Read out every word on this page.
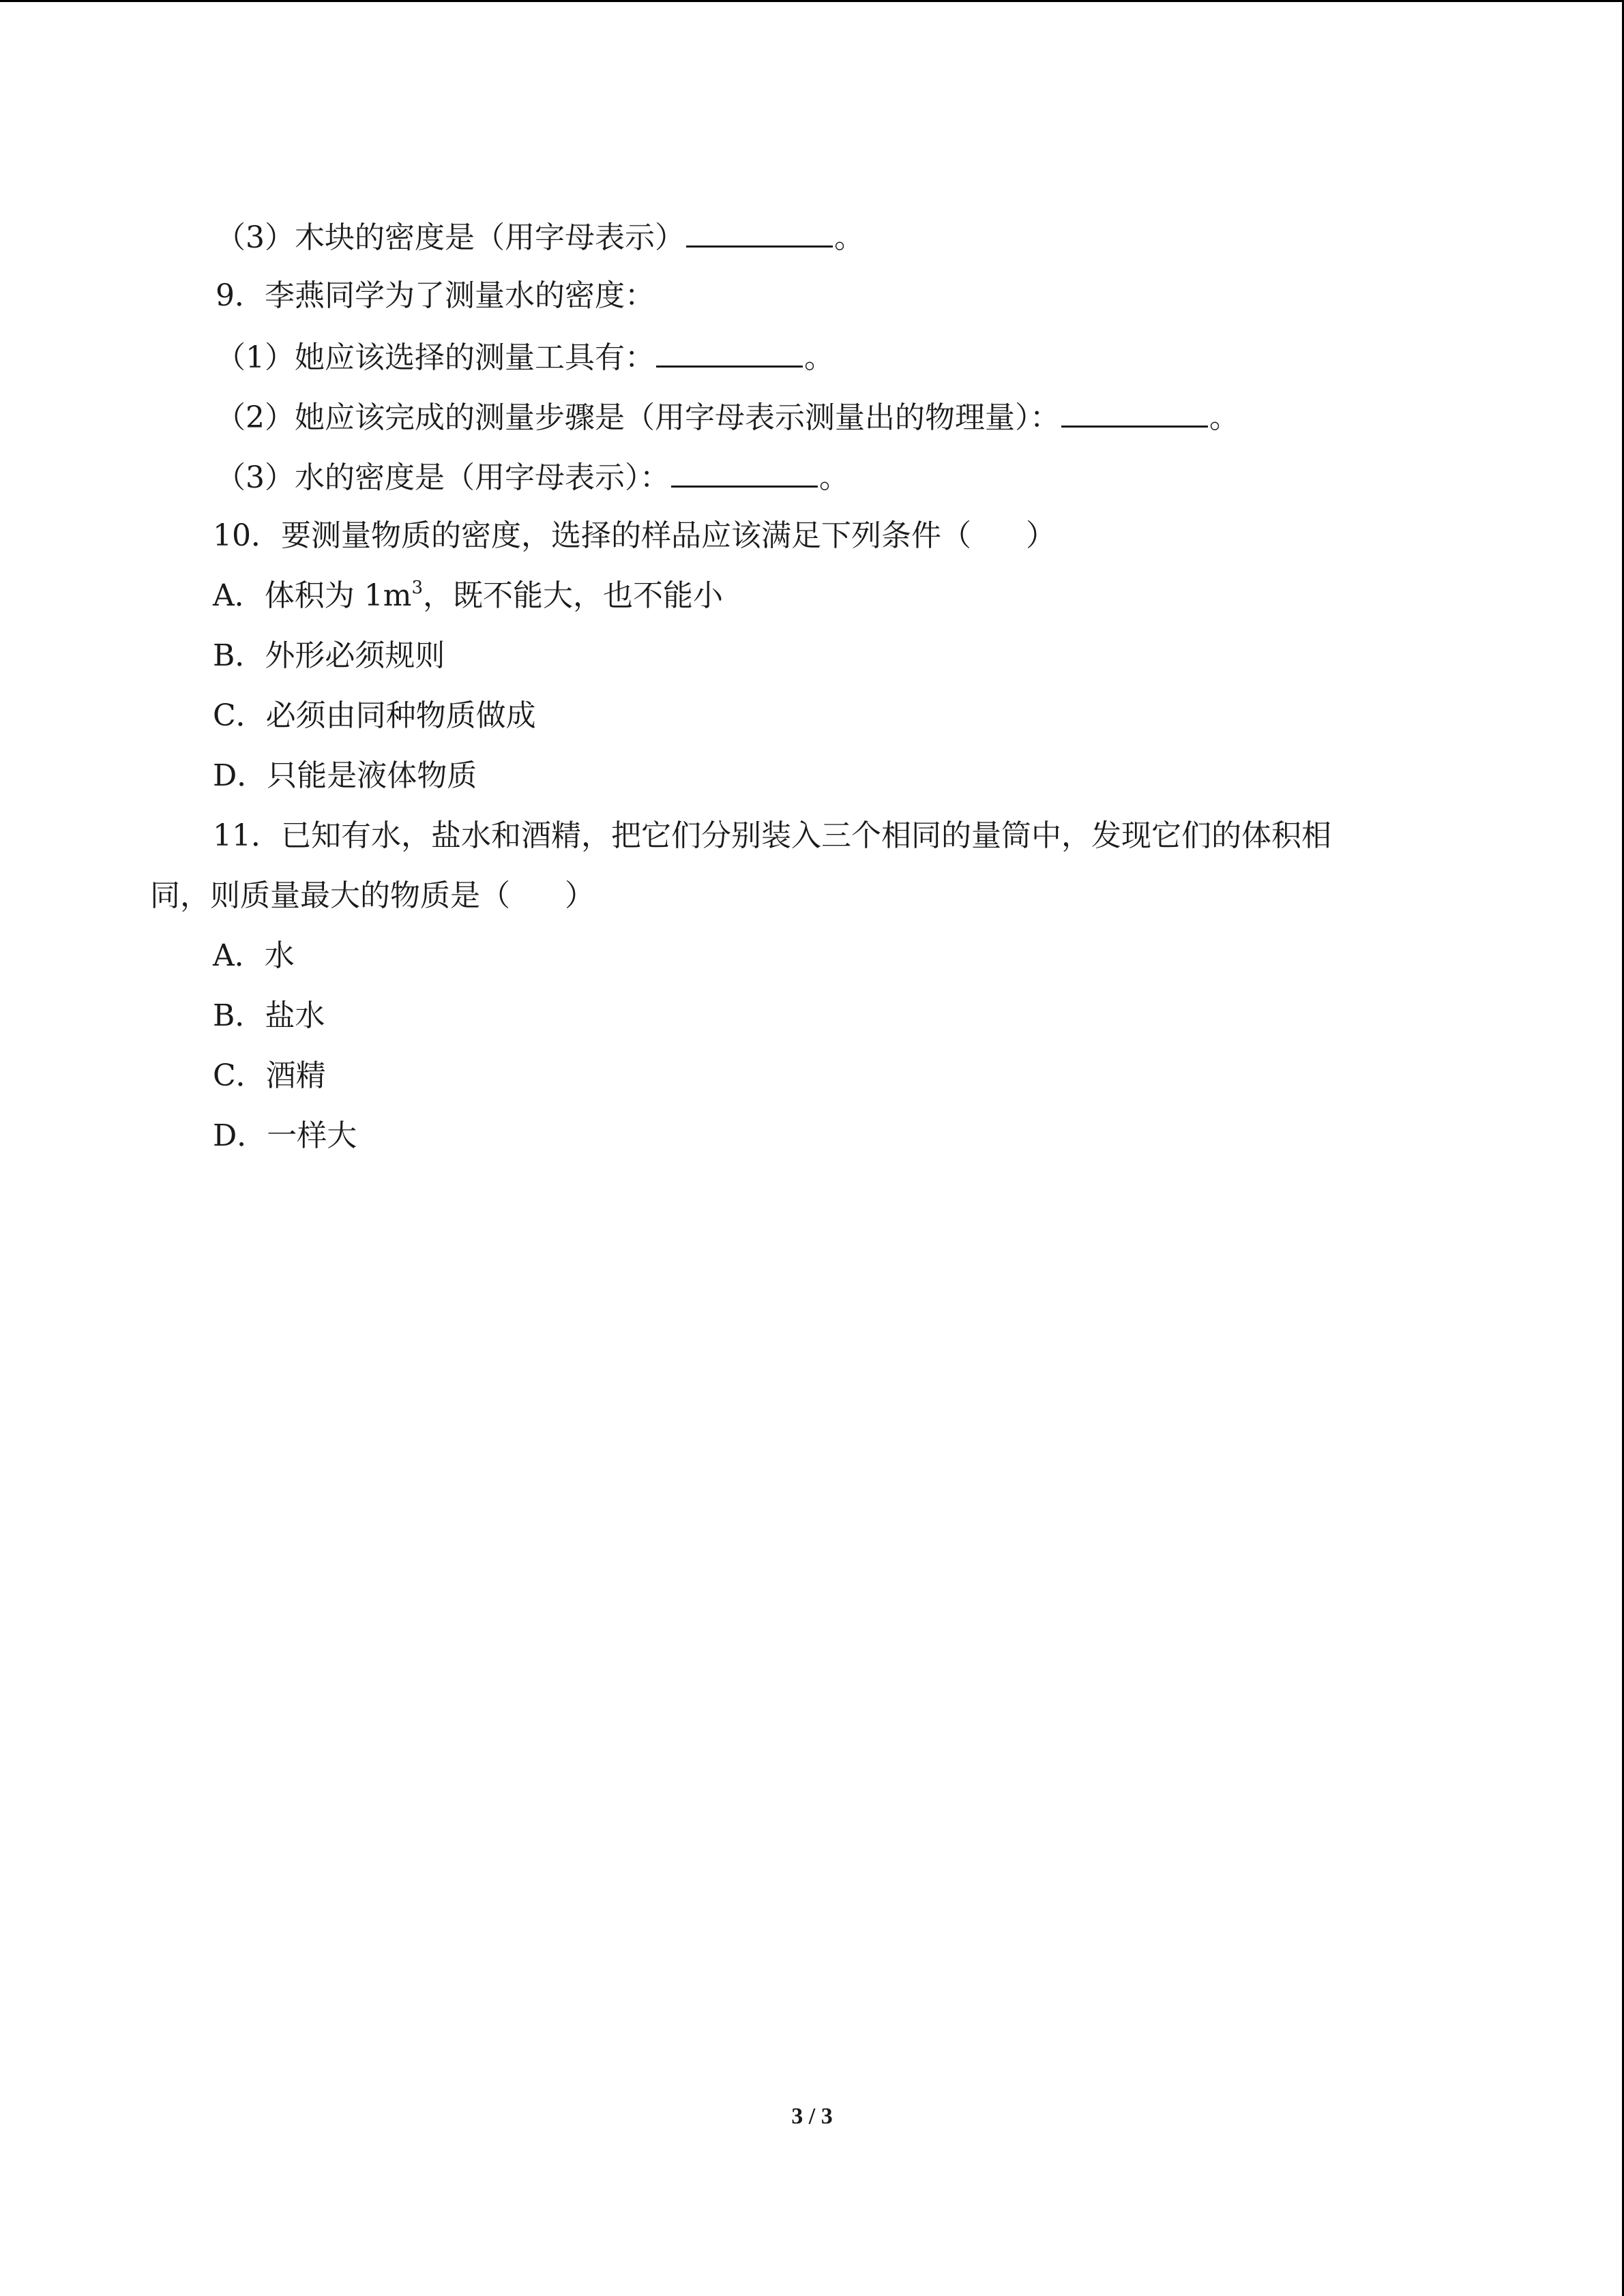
（3）木块的密度是（用字母表示）	。
9．李燕同学为了测量水的密度：
（1）她应该选择的测量工具有：	。
（2）她应该完成的测量步骤是（用字母表示测量出的物理量）：	。
（3）水的密度是（用字母表示）：	。
10．要测量物质的密度，选择的样品应该满足下列条件（ ）
A．体积为 $1m^3$，既不能大，也不能小
B．外形必须规则
C．必须由同种物质做成
D．只能是液体物质
11．已知有水，盐水和酒精，把它们分别装入三个相同的量筒中，发现它们的体积相
同，则质量最大的物质是（ ）
A．水
B．盐水
C．酒精
D．一样大
3 / 3
